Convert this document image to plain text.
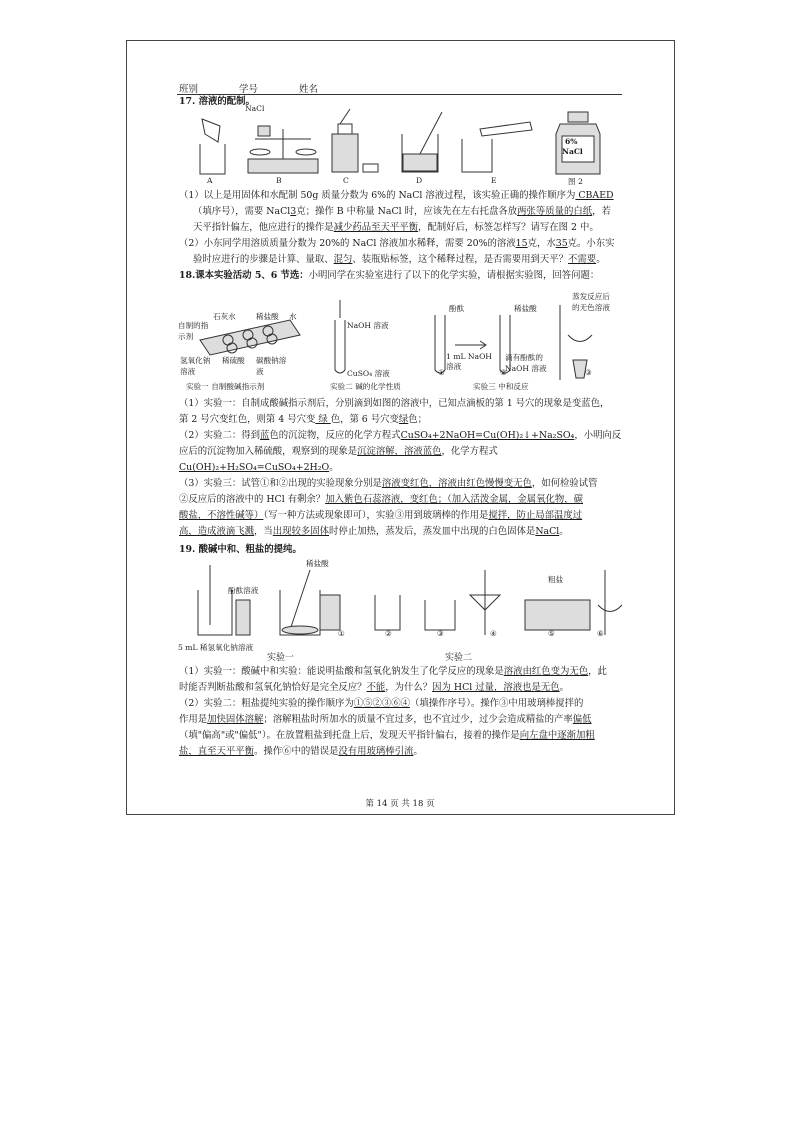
班别________ 学号________ 姓名__________
17. 溶液的配制。
NaCl
6%
NaCl
A	B	C	D	E	图 2
（1）以上是用固体和水配制 50g 质量分数为 6%的 NaCl 溶液过程，该实验正确的操作顺序为 CBAED
（填序号），需要 NaCl3克；操作 B 中称量 NaCl 时，应该先在左右托盘各放两张等质量的白纸，若
天平指针偏左，他应进行的操作是减少药品至天平平衡，配制好后，标签怎样写？请写在图 2 中。
（2）小东同学用溶质质量分数为 20%的 NaCl 溶液加水稀释，需要 20%的溶液15克，水35克。小东实
验时应进行的步骤是计算、量取、混匀、装瓶贴标签，这个稀释过程，是否需要用到天平？不需要。
18.课本实验活动 5、6 节选：小明同学在实验室进行了以下的化学实验，请根据实验图，回答问题：
石灰水	稀盐酸 水
自制的指示剂
氢氧化钠溶液
稀硫酸 碳酸钠溶液
NaOH 溶液
CuSO₄ 溶液
酚酞	稀盐酸
1 mL NaOH 溶液
滴有酚酞的 NaOH 溶液
蒸发反应后的无色溶液
①	②	③
实验一 自制酸碱指示剂	实验二 碱的化学性质	实验三 中和反应
（1）实验一：自制成酸碱指示剂后，分别滴到如图的溶液中，已知点滴板的第 1 号穴的现象是变蓝色，
第 2 号穴变红色，则第 4 号穴变 绿 色，第 6 号穴变绿色；
（2）实验二：得到蓝色的沉淀物，反应的化学方程式CuSO₄+2NaOH=Cu(OH)₂↓+Na₂SO₄，小明向反
应后的沉淀物加入稀硫酸，观察到的现象是沉淀溶解，溶液蓝色，化学方程式
Cu(OH)₂+H₂SO₄=CuSO₄+2H₂O。
（3）实验三：试管①和②出现的实验现象分别是溶液变红色，溶液由红色慢慢变无色，如何检验试管
②反应后的溶液中的 HCl 有剩余？加入紫色石蕊溶液，变红色；（加入活泼金属，金属氧化物，碳
酸盐，不溶性碱等）（写一种方法或现象即可），实验③用到玻璃棒的作用是搅拌，防止局部温度过
高，造成液滴飞溅，当出现较多固体时停止加热，蒸发后，蒸发皿中出现的白色固体是NaCl。
19. 酸碱中和、粗盐的提纯。
稀盐酸
酚酞溶液
粗盐
5 mL 稀氢氧化钠溶液
①	②	③	④	⑤	⑥
实验一	实验二
（1）实验一：酸碱中和实验：能说明盐酸和氢氧化钠发生了化学反应的现象是溶液由红色变为无色，此
时能否判断盐酸和氢氧化钠恰好是完全反应？不能，为什么？因为 HCl 过量，溶液也是无色。
（2）实验二：粗盐提纯实验的操作顺序为①⑤②③⑥④（填操作序号）。操作③中用玻璃棒搅拌的
作用是加快固体溶解；溶解粗盐时所加水的质量不宜过多，也不宜过少，过少会造成精盐的产率偏低
（填"偏高"或"偏低"）。在放置粗盐到托盘上后，发现天平指针偏右，接着的操作是向左盘中逐渐加粗
盐，直至天平平衡。操作⑥中的错误是没有用玻璃棒引流。
第 14 页 共 18 页
